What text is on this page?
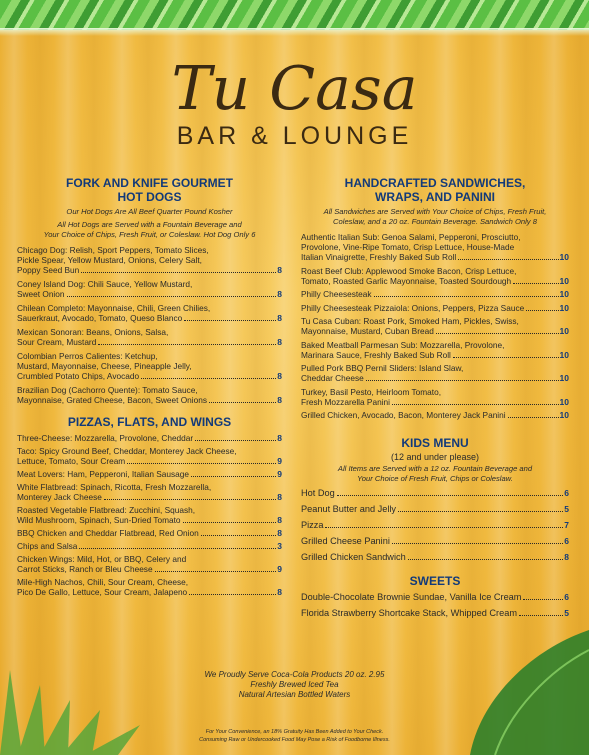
Tu Casa
BAR & LOUNGE
FORK AND KNIFE GOURMET
HOT DOGS
Our Hot Dogs Are All Beef Quarter Pound Kosher
All Hot Dogs are Served with a Fountain Beverage and
Your Choice of Chips, Fresh Fruit, or Coleslaw. Hot Dog Only 6
Chicago Dog: Relish, Sport Peppers, Tomato Slices,
Pickle Spear, Yellow Mustard, Onions, Celery Salt,
Poppy Seed Bun	8
Coney Island Dog: Chili Sauce, Yellow Mustard,
Sweet Onion	8
Chilean Completo: Mayonnaise, Chili, Green Chilies,
Sauerkraut, Avocado, Tomato, Queso Blanco	8
Mexican Sonoran: Beans, Onions, Salsa,
Sour Cream, Mustard	8
Colombian Perros Calientes: Ketchup,
Mustard, Mayonnaise, Cheese, Pineapple Jelly,
Crumbled Potato Chips, Avocado	8
Brazilian Dog (Cachorro Quente): Tomato Sauce,
Mayonnaise, Grated Cheese, Bacon, Sweet Onions	8
PIZZAS, FLATS, AND WINGS
Three-Cheese: Mozzarella, Provolone, Cheddar	8
Taco: Spicy Ground Beef, Cheddar, Monterey Jack Cheese,
Lettuce, Tomato, Sour Cream	9
Meat Lovers: Ham, Pepperoni, Italian Sausage	9
White Flatbread: Spinach, Ricotta, Fresh Mozzarella,
Monterey Jack Cheese	8
Roasted Vegetable Flatbread: Zucchini, Squash,
Wild Mushroom, Spinach, Sun-Dried Tomato	8
BBQ Chicken and Cheddar Flatbread, Red Onion	8
Chips and Salsa	3
Chicken Wings: Mild, Hot, or BBQ, Celery and
Carrot Sticks, Ranch or Bleu Cheese	9
Mile-High Nachos, Chili, Sour Cream, Cheese,
Pico De Gallo, Lettuce, Sour Cream, Jalapeno	8
HANDCRAFTED SANDWICHES,
WRAPS, AND PANINI
All Sandwiches are Served with Your Choice of Chips, Fresh Fruit,
Coleslaw, and a 20 oz. Fountain Beverage. Sandwich Only 8
Authentic Italian Sub: Genoa Salami, Pepperoni, Prosciutto,
Provolone, Vine-Ripe Tomato, Crisp Lettuce, House-Made
Italian Vinaigrette, Freshly Baked Sub Roll	10
Roast Beef Club: Applewood Smoke Bacon, Crisp Lettuce,
Tomato, Roasted Garlic Mayonnaise, Toasted Sourdough	10
Philly Cheesesteak	10
Philly Cheesesteak Pizzaiola: Onions, Peppers, Pizza Sauce	10
Tu Casa Cuban: Roast Pork, Smoked Ham, Pickles, Swiss,
Mayonnaise, Mustard, Cuban Bread	10
Baked Meatball Parmesan Sub: Mozzarella, Provolone,
Marinara Sauce, Freshly Baked Sub Roll	10
Pulled Pork BBQ Pernil Sliders: Island Slaw,
Cheddar Cheese	10
Turkey, Basil Pesto, Heirloom Tomato,
Fresh Mozzarella Panini	10
Grilled Chicken, Avocado, Bacon, Monterey Jack Panini	10
KIDS MENU
(12 and under please)
All Items are Served with a 12 oz. Fountain Beverage and
Your Choice of Fresh Fruit, Chips or Coleslaw.
Hot Dog	6
Peanut Butter and Jelly	5
Pizza	7
Grilled Cheese Panini	6
Grilled Chicken Sandwich	8
SWEETS
Double-Chocolate Brownie Sundae, Vanilla Ice Cream	6
Florida Strawberry Shortcake Stack, Whipped Cream	5
We Proudly Serve Coca-Cola Products 20 oz. 2.95
Freshly Brewed Iced Tea
Natural Artesian Bottled Waters
For Your Convenience, an 18% Gratuity Has Been Added to Your Check.
Consuming Raw or Undercooked Food May Pose a Risk of Foodborne Illness.
